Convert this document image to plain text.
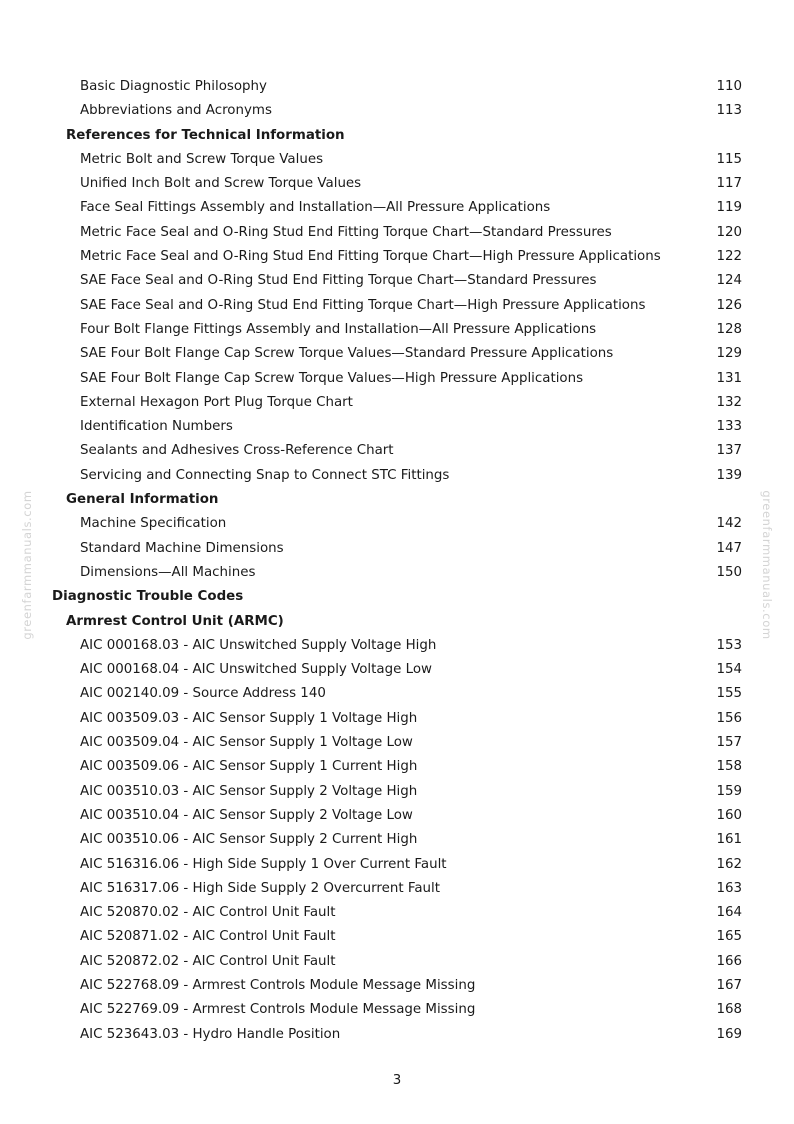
Basic Diagnostic Philosophy	110
Abbreviations and Acronyms	113
References for Technical Information
Metric Bolt and Screw Torque Values	115
Unified Inch Bolt and Screw Torque Values	117
Face Seal Fittings Assembly and Installation—All Pressure Applications	119
Metric Face Seal and O-Ring Stud End Fitting Torque Chart—Standard Pressures	120
Metric Face Seal and O-Ring Stud End Fitting Torque Chart—High Pressure Applications	122
SAE Face Seal and O-Ring Stud End Fitting Torque Chart—Standard Pressures	124
SAE Face Seal and O-Ring Stud End Fitting Torque Chart—High Pressure Applications	126
Four Bolt Flange Fittings Assembly and Installation—All Pressure Applications	128
SAE Four Bolt Flange Cap Screw Torque Values—Standard Pressure Applications	129
SAE Four Bolt Flange Cap Screw Torque Values—High Pressure Applications	131
External Hexagon Port Plug Torque Chart	132
Identification Numbers	133
Sealants and Adhesives Cross-Reference Chart	137
Servicing and Connecting Snap to Connect STC Fittings	139
General Information
Machine Specification	142
Standard Machine Dimensions	147
Dimensions—All Machines	150
Diagnostic Trouble Codes
Armrest Control Unit (ARMC)
AIC 000168.03 - AIC Unswitched Supply Voltage High	153
AIC 000168.04 - AIC Unswitched Supply Voltage Low	154
AIC 002140.09 - Source Address 140	155
AIC 003509.03 - AIC Sensor Supply 1 Voltage High	156
AIC 003509.04 - AIC Sensor Supply 1 Voltage Low	157
AIC 003509.06 - AIC Sensor Supply 1 Current High	158
AIC 003510.03 - AIC Sensor Supply 2 Voltage High	159
AIC 003510.04 - AIC Sensor Supply 2 Voltage Low	160
AIC 003510.06 - AIC Sensor Supply 2 Current High	161
AIC 516316.06 - High Side Supply 1 Over Current Fault	162
AIC 516317.06 - High Side Supply 2 Overcurrent Fault	163
AIC 520870.02 - AIC Control Unit Fault	164
AIC 520871.02 - AIC Control Unit Fault	165
AIC 520872.02 - AIC Control Unit Fault	166
AIC 522768.09 - Armrest Controls Module Message Missing	167
AIC 522769.09 - Armrest Controls Module Message Missing	168
AIC 523643.03 - Hydro Handle Position	169
3
greenfarmmanuals.com	greenfarmmanuals.com
